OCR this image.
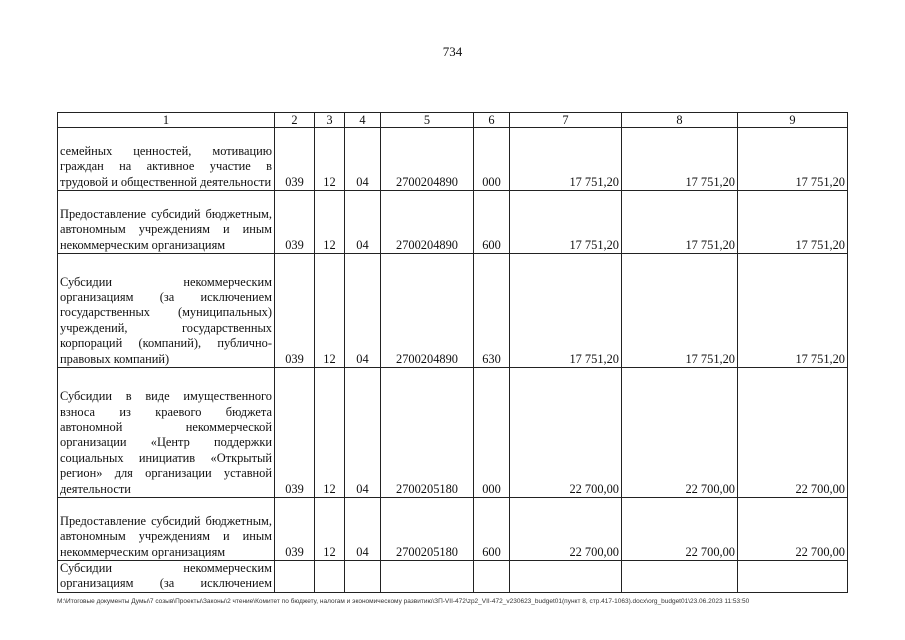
734
1	2	3	4	5	6	7	8	9
семейных ценностей, мотивацию граждан на активное участие в трудовой и общественной деятельности	039	12	04	2700204890	000	17 751,20	17 751,20	17 751,20
Предоставление субсидий бюджетным, автономным учреждениям и иным некоммерческим организациям	039	12	04	2700204890	600	17 751,20	17 751,20	17 751,20
Субсидии некоммерческим организациям (за исключением государственных (муниципальных) учреждений, государственных корпораций (компаний), публично-правовых компаний)	039	12	04	2700204890	630	17 751,20	17 751,20	17 751,20
Субсидии в виде имущественного взноса из краевого бюджета автономной некоммерческой организации «Центр поддержки социальных инициатив «Открытый регион» для организации уставной деятельности	039	12	04	2700205180	000	22 700,00	22 700,00	22 700,00
Предоставление субсидий бюджетным, автономным учреждениям и иным некоммерческим организациям	039	12	04	2700205180	600	22 700,00	22 700,00	22 700,00
Субсидии некоммерческим организациям (за исключением								
M:\Итоговые документы Думы\7 созыв\Проекты\Законы\2 чтение\Комитет по бюджету, налогам и экономическому развитию\ЗП-VII-472\zp2_VII-472_v230623_budget01(пункт 8, стр.417-1063).docx\org_budget01\23.06.2023 11:53:50
